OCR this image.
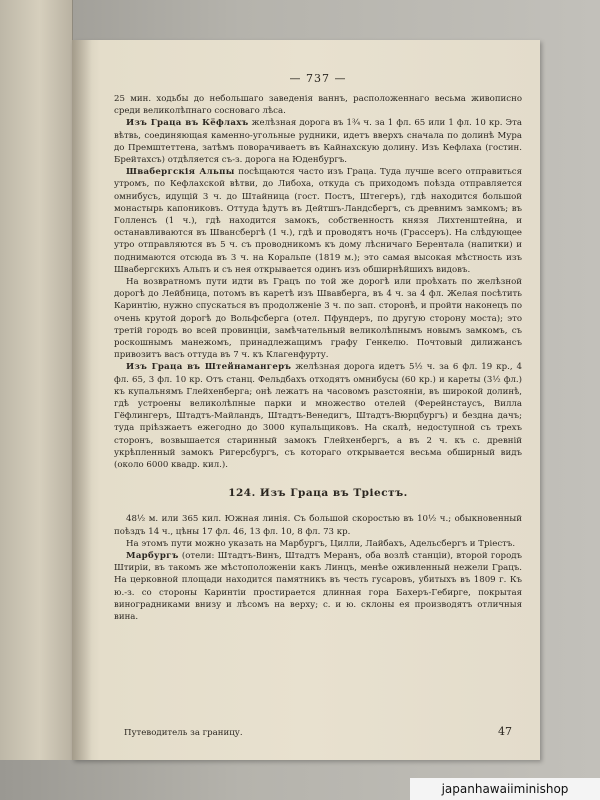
— 737 —

25 мин. ходьбы до небольшаго заведенія ваннъ, расположеннаго весьма живописно среди великолѣпнаго сосноваго лѣса.

Изъ Граца въ Кёфлахъ желѣзная дорога въ 1¾ ч. за 1 фл. 65 или 1 фл. 10 кр. Эта вѣтвь, соединяющая каменно-угольные рудники, идетъ вверхъ сначала по долинѣ Мура до Премштеттена, затѣмъ поворачиваетъ въ Кайнахскую долину. Изъ Кефлаха (гостин. Брейтахсъ) отдѣляется съ-з. дорога на Юденбургъ.

Швабергскія Альпы посѣщаются часто изъ Граца. Туда лучше всего отправиться утромъ, по Кефлахской вѣтви, до Либоха, откуда съ приходомъ поѣзда отправляется омнибусъ, идущій 3 ч. до Штайница (гост. Постъ, Штегеръ), гдѣ находится большой монастырь капониковъ. Оттуда ѣдутъ въ Дейтшъ-Ландсбергъ, съ древнимъ замкомъ; въ Голленсъ (1 ч.), гдѣ находится замокъ, собственность князя Лихтенштейна, и останавливаются въ Швансбергѣ (1 ч.), гдѣ и проводятъ ночь (Грассеръ). На слѣдующее утро отправляются въ 5 ч. съ проводникомъ къ дому лѣсничаго Берентала (напитки) и поднимаются отсюда въ 3 ч. на Коральпе (1819 м.); это самая высокая мѣстность изъ Швабергскихъ Альпъ и съ нея открывается одинъ изъ обширнѣйшихъ видовъ.

На возвратномъ пути идти въ Грацъ по той же дорогѣ или проѣхать по желѣзной дорогѣ до Лейбница, потомъ въ каретѣ изъ Швавберга, въ 4 ч. за 4 фл. Желая посѣтить Каринтію, нужно спускаться въ продолженіе 3 ч. по зап. сторонѣ, и пройти наконецъ по очень крутой дорогѣ до Вольфсберга (отел. Пфундеръ, по другую сторону моста); это третій городъ во всей провинціи, замѣчательный великолѣпнымъ новымъ замкомъ, съ роскошнымъ манежомъ, принадлежащимъ графу Генкелю. Почтовый дилижансъ привозитъ васъ оттуда въ 7 ч. къ Клагенфурту.

Изъ Граца въ Штейнамангеръ желѣзная дорога идетъ 5½ ч. за 6 фл. 19 кр., 4 фл. 65, 3 фл. 10 кр. Отъ станц. Фельдбахъ отходятъ омнибусы (60 кр.) и кареты (3½ фл.) къ купальнямъ Глейхенберга; онѣ лежатъ на часовомъ разстояніи, въ широкой долинѣ, гдѣ устроены великолѣпные парки и множество отелей (Ферейнстаусъ, Вилла Гёфлингеръ, Штадтъ-Майландъ, Штадтъ-Венедигъ, Штадтъ-Вюрцбургъ) и бездна дачъ; туда пріѣзжаетъ ежегодно до 3000 купальщиковъ. На скалѣ, недоступной съ трехъ сторонъ, возвышается старинный замокъ Глейхенбергъ, а въ 2 ч. къ с. древній укрѣпленный замокъ Ригерсбургъ, съ котораго открывается весьма обширный видъ (около 6000 квадр. кил.).

124. Изъ Граца въ Тріестъ.

48½ м. или 365 кил. Южная линія. Съ большой скоростью въ 10½ ч.; обыкновенный поѣздъ 14 ч., цѣны 17 фл. 46, 13 фл. 10, 8 фл. 73 кр.

На этомъ пути можно указать на Марбургъ, Цилли, Лайбахъ, Адельсбергъ и Тріестъ.

Марбургъ (отели: Штадтъ-Винъ, Штадтъ Меранъ, оба возлѣ станціи), второй городъ Штиріи, въ такомъ же мѣстоположеніи какъ Линцъ, менѣе оживленный нежели Грацъ. На церковной площади находится памятникъ въ честь гусаровъ, убитыхъ въ 1809 г. Къ ю.-з. со стороны Каринтіи простирается длинная гора Бахеръ-Гебирге, покрытая виноградниками внизу и лѣсомъ на верху; с. и ю. склоны ея производятъ отличныя вина.

Путеводитель за границу.	47
japanhawaiiminishop
